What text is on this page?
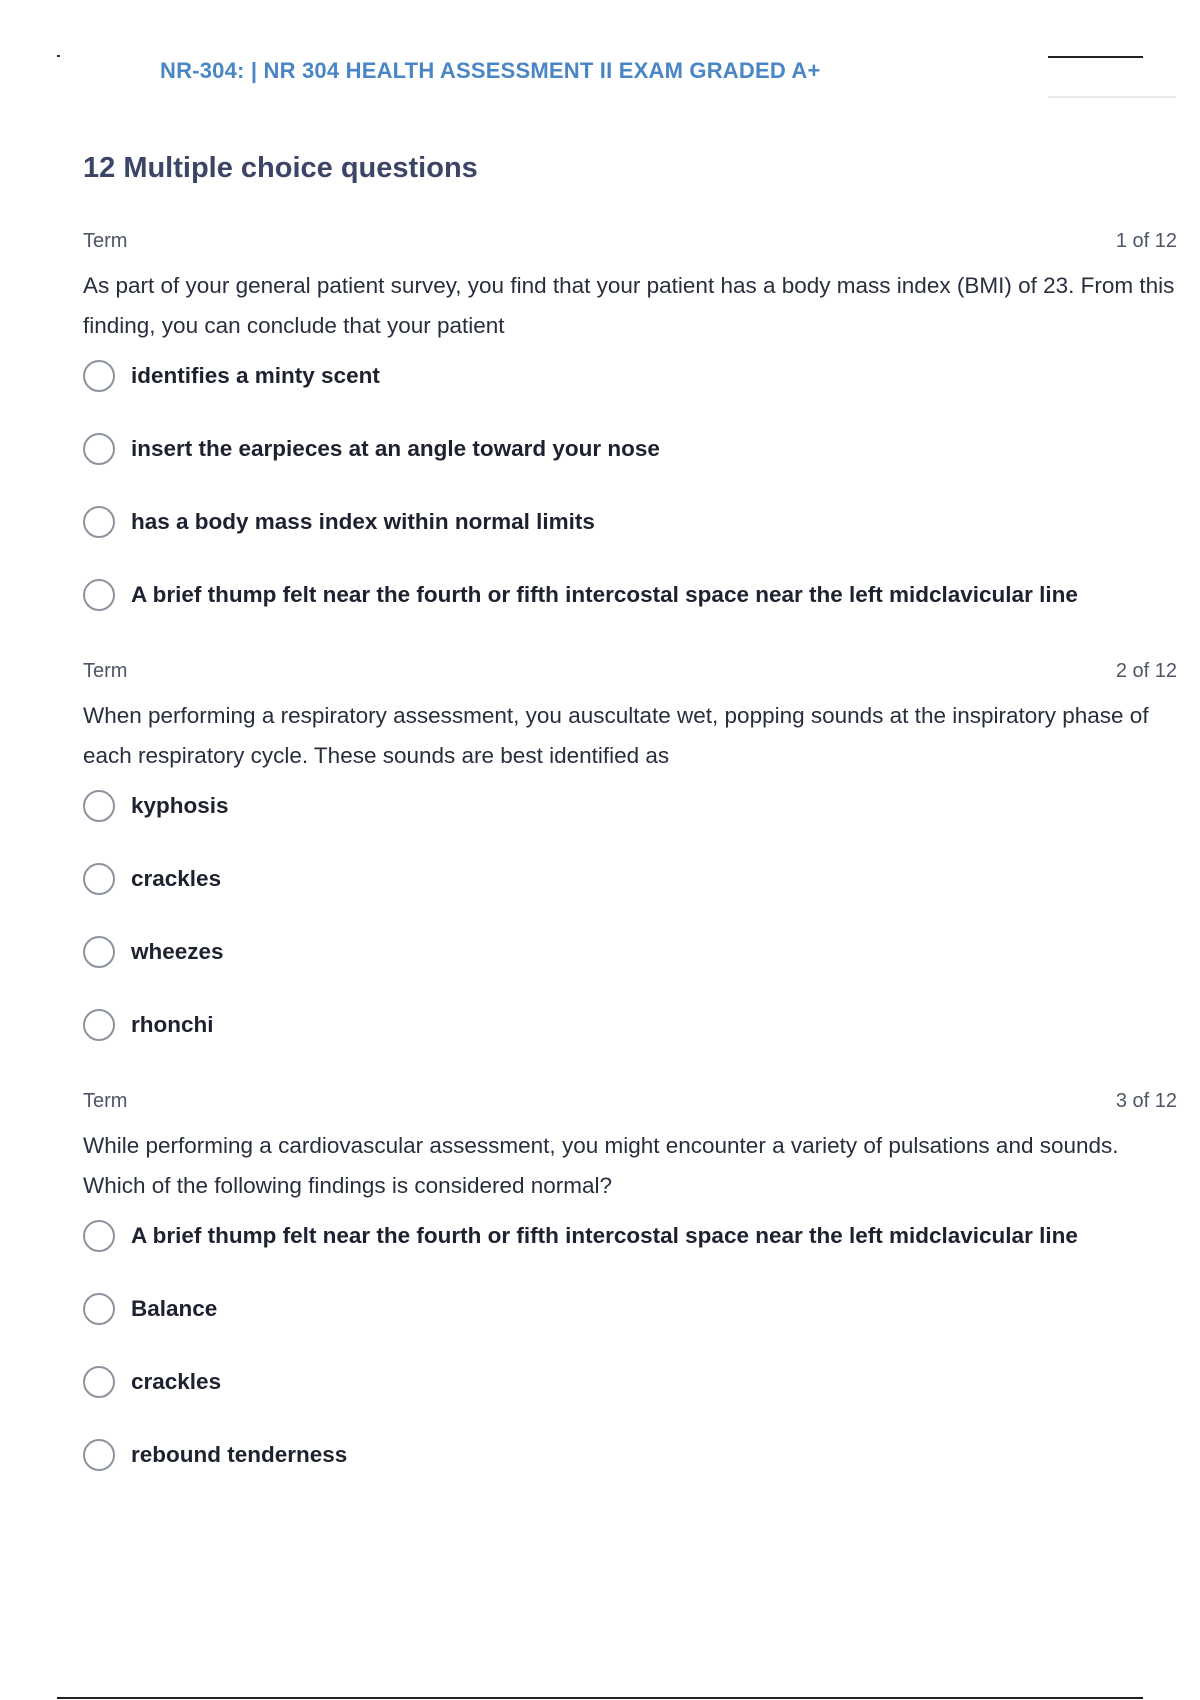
NR-304: | NR 304 HEALTH ASSESSMENT II EXAM GRADED A+
12 Multiple choice questions
Term	1 of 12
As part of your general patient survey, you find that your patient has a body mass index (BMI) of 23. From this finding, you can conclude that your patient
identifies a minty scent
insert the earpieces at an angle toward your nose
has a body mass index within normal limits
A brief thump felt near the fourth or fifth intercostal space near the left midclavicular line
Term	2 of 12
When performing a respiratory assessment, you auscultate wet, popping sounds at the inspiratory phase of each respiratory cycle. These sounds are best identified as
kyphosis
crackles
wheezes
rhonchi
Term	3 of 12
While performing a cardiovascular assessment, you might encounter a variety of pulsations and sounds. Which of the following findings is considered normal?
A brief thump felt near the fourth or fifth intercostal space near the left midclavicular line
Balance
crackles
rebound tenderness
